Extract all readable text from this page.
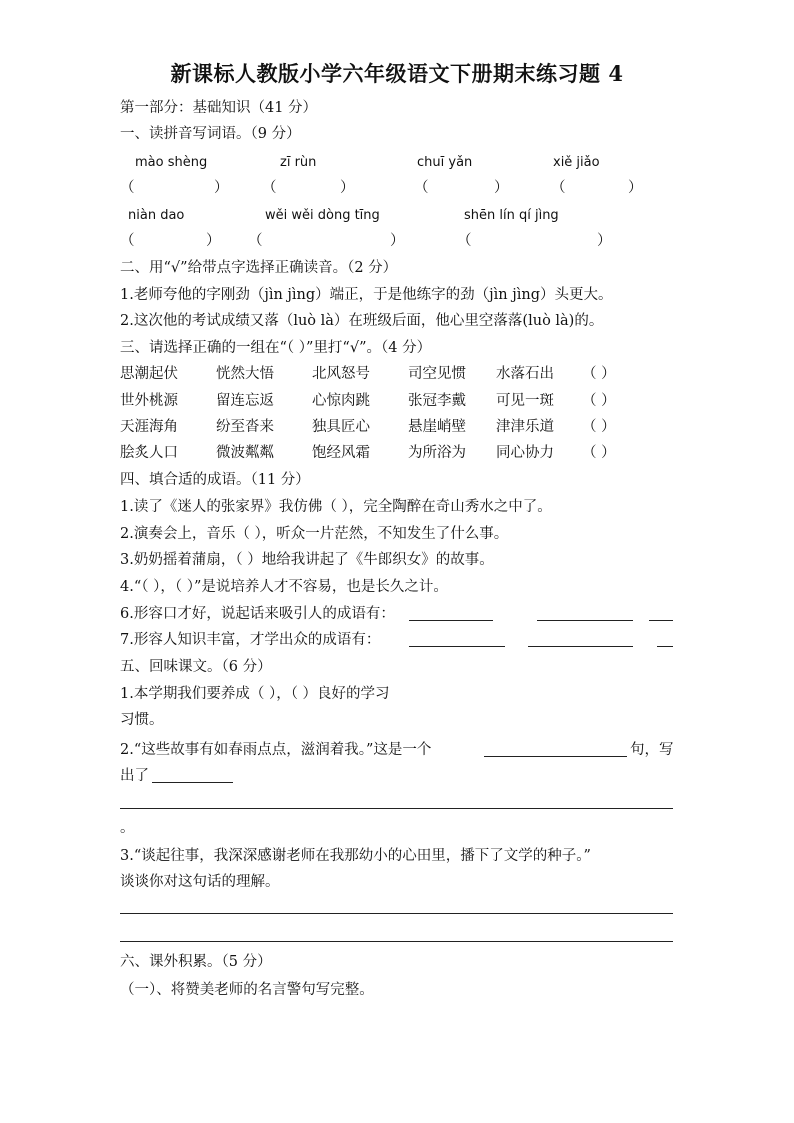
新课标人教版小学六年级语文下册期末练习题 4
第一部分：基础知识（41 分）
一、读拼音写词语。（9 分）
mào shèng	zī rùn	chuī yǎn	xiě jiǎo
（	） （	）	（	）	（	）
niàn dao	wěi wěi dòng tīng	shēn lín qí jìng
（	） （	）	（	）
二、用“√”给带点字选择正确读音。（2 分）
1.老师夸他的字刚劲（jìn jìng）端正，于是他练字的劲（jìn jìng）头更大。
2.这次他的考试成绩又落（luò là）在班级后面，他心里空落落(luò là)的。
三、请选择正确的一组在“（ ）”里打“√”。（4 分）
思潮起伏	恍然大悟	北风怒号	司空见惯 水落石出 （ ）
世外桃源	留连忘返	心惊肉跳	张冠李戴 可见一斑 （ ）
天涯海角	纷至沓来	独具匠心	悬崖峭壁 津津乐道 （ ）
脍炙人口	微波粼粼	饱经风霜	为所浴为 同心协力 （ ）
四、填合适的成语。（11 分）
1.读了《迷人的张家界》我仿佛（ ），完全陶醉在奇山秀水之中了。
2.演奏会上，音乐（ ），听众一片茫然，不知发生了什么事。
3.奶奶摇着蒲扇，（ ）地给我讲起了《牛郎织女》的故事。
4.“（ ），（ ）”是说培养人才不容易，也是长久之计。
6.形容口才好，说起话来吸引人的成语有：
7.形容人知识丰富，才学出众的成语有：
五、回味课文。（6 分）
1.本学期我们要养成（ ），（ ）良好的学习
习惯。
2.“这些故事有如春雨点点，滋润着我。”这是一个	句，写
出了
。
3.“谈起往事，我深深感谢老师在我那幼小的心田里，播下了文学的种子。”
谈谈你对这句话的理解。
六、课外积累。（5 分）
（一）、将赞美老师的名言警句写完整。
